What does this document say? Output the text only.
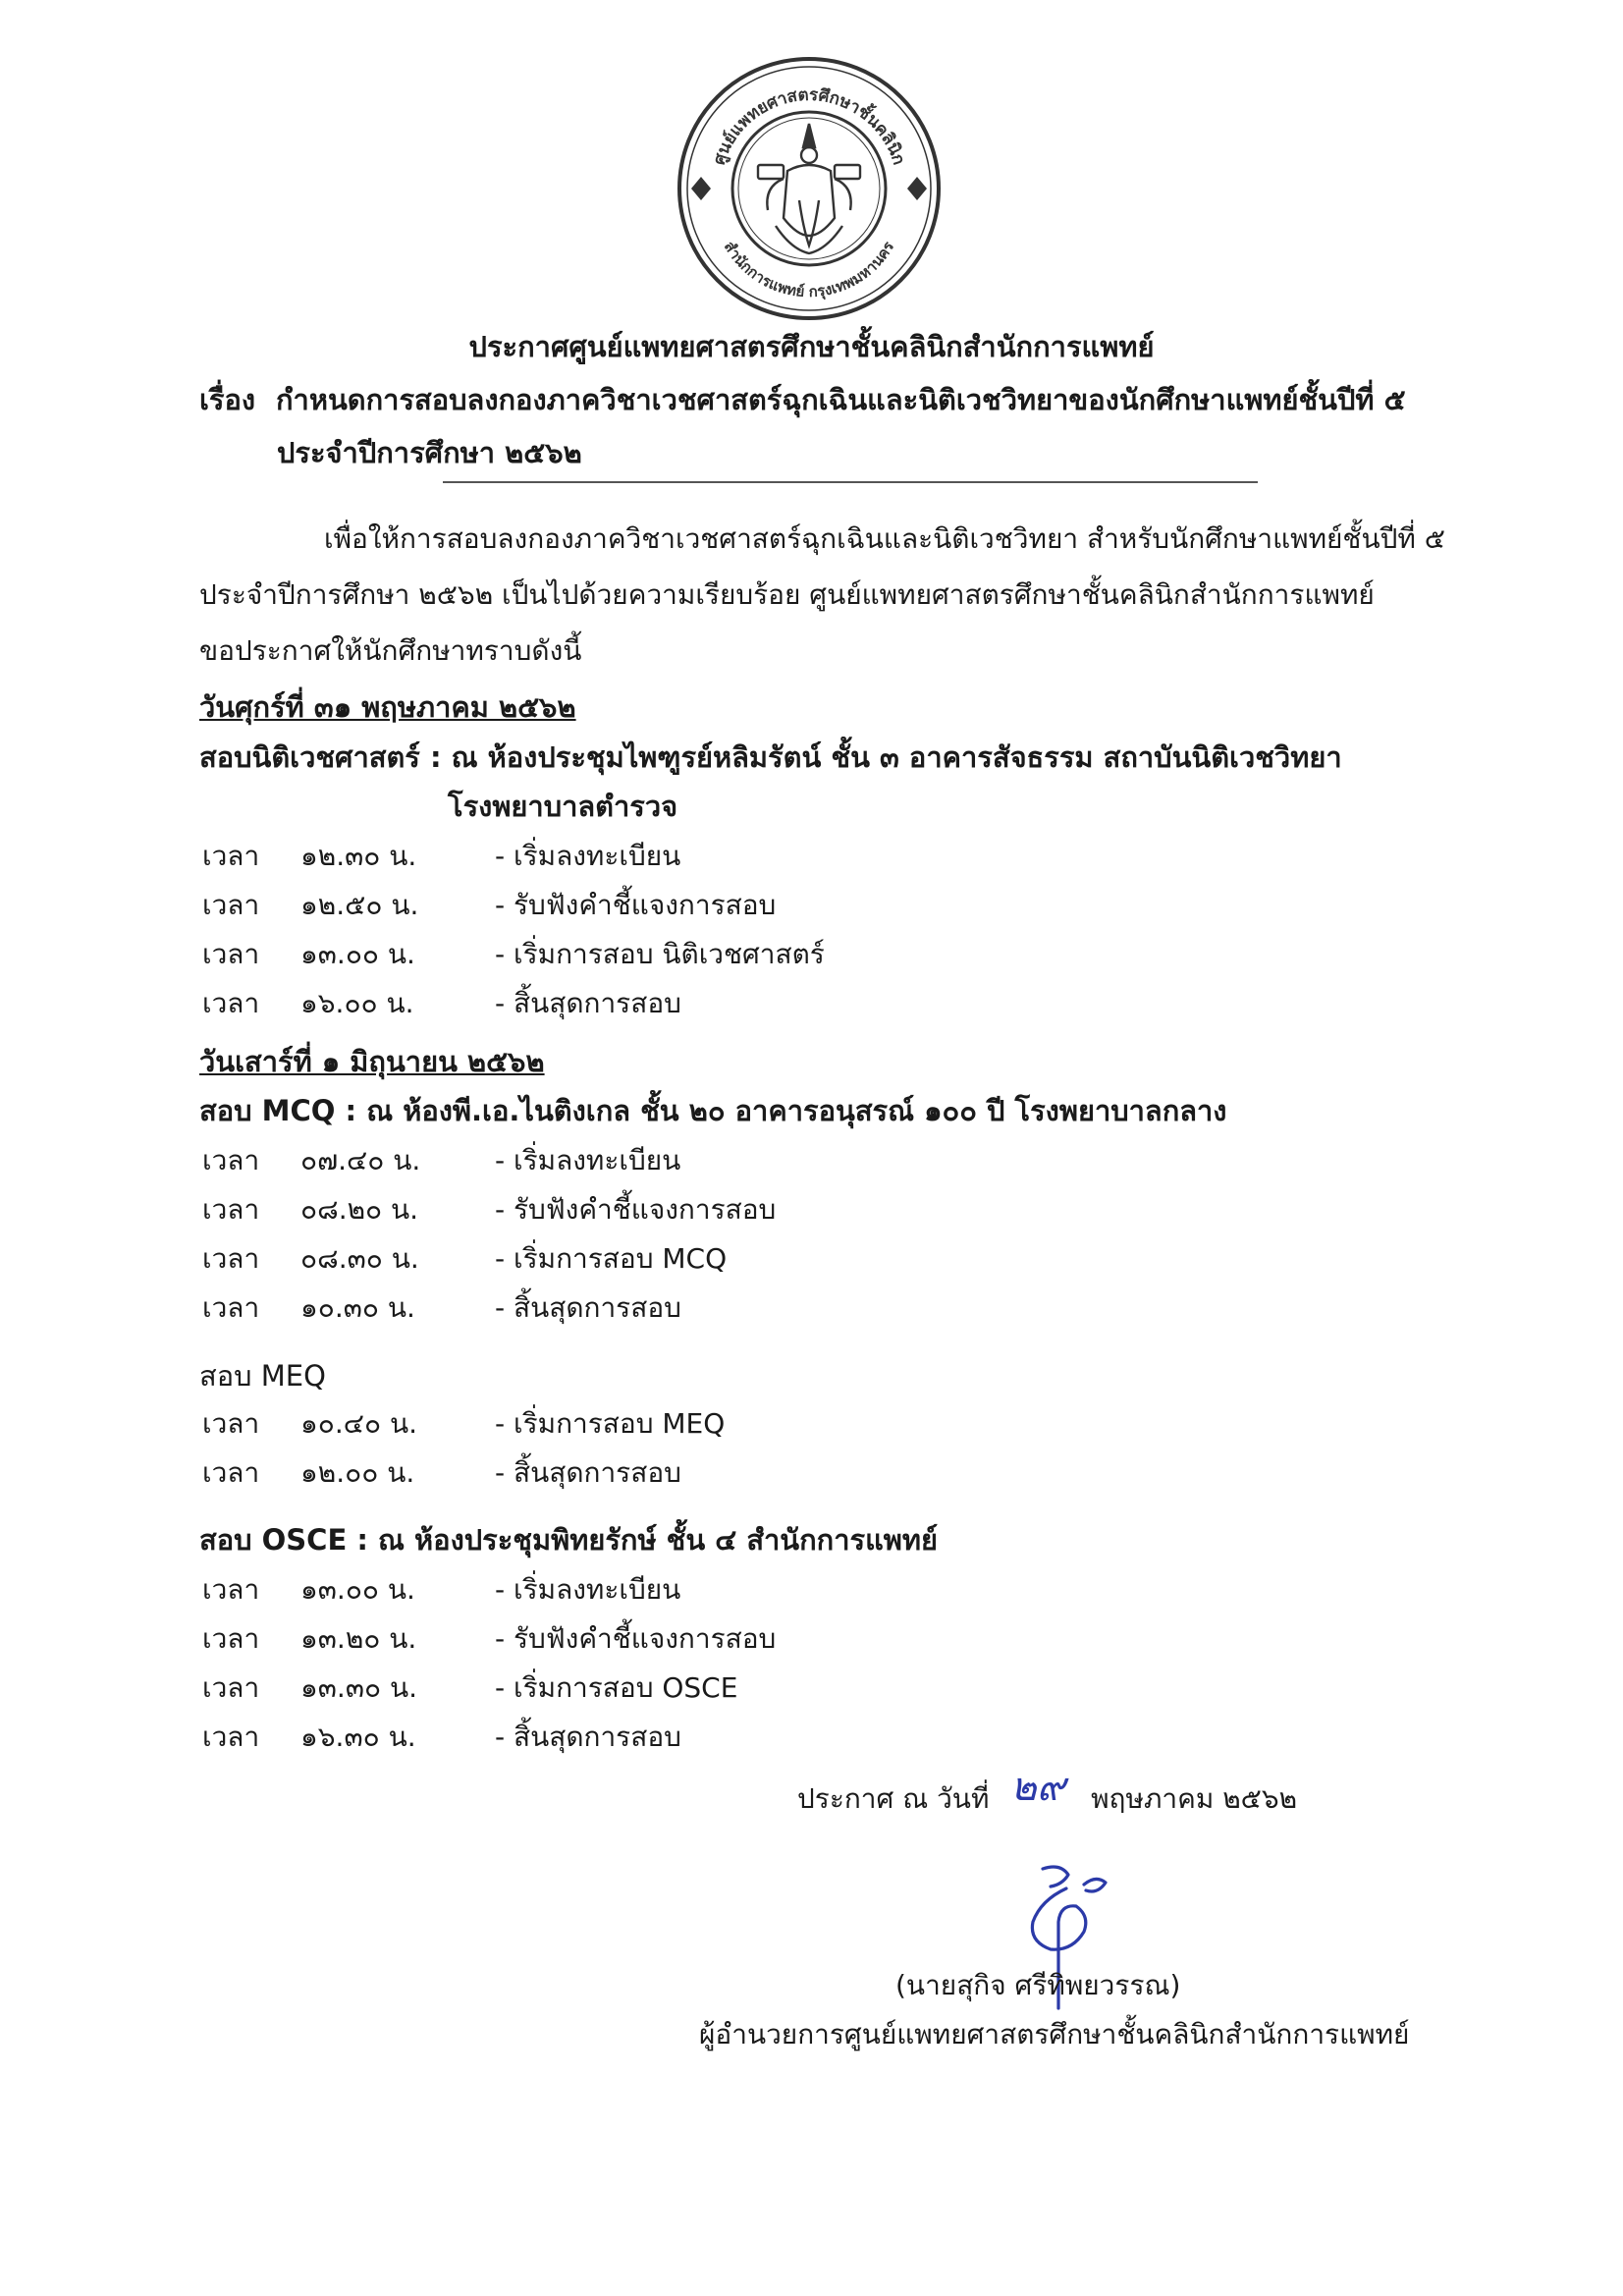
ศูนย์แพทยศาสตรศึกษาชั้นคลินิก
สำนักการแพทย์ กรุงเทพมหานคร
ประกาศศูนย์แพทยศาสตรศึกษาชั้นคลินิกสำนักการแพทย์
เรื่อง กำหนดการสอบลงกองภาควิชาเวชศาสตร์ฉุกเฉินและนิติเวชวิทยาของนักศึกษาแพทย์ชั้นปีที่ ๕
ประจำปีการศึกษา ๒๕๖๒
เพื่อให้การสอบลงกองภาควิชาเวชศาสตร์ฉุกเฉินและนิติเวชวิทยา สำหรับนักศึกษาแพทย์ชั้นปีที่ ๕
ประจำปีการศึกษา ๒๕๖๒ เป็นไปด้วยความเรียบร้อย ศูนย์แพทยศาสตรศึกษาชั้นคลินิกสำนักการแพทย์
ขอประกาศให้นักศึกษาทราบดังนี้
วันศุกร์ที่ ๓๑ พฤษภาคม ๒๕๖๒
สอบนิติเวชศาสตร์ : ณ ห้องประชุมไพฑูรย์หลิมรัตน์ ชั้น ๓ อาคารสัจธรรม สถาบันนิติเวชวิทยา
โรงพยาบาลตำรวจ
เวลา ๑๒.๓๐ น.	- เริ่มลงทะเบียน
เวลา ๑๒.๕๐ น.	- รับฟังคำชี้แจงการสอบ
เวลา ๑๓.๐๐ น.	- เริ่มการสอบ นิติเวชศาสตร์
เวลา ๑๖.๐๐ น.	- สิ้นสุดการสอบ
วันเสาร์ที่ ๑ มิถุนายน ๒๕๖๒
สอบ MCQ : ณ ห้องพี.เอ.ไนติงเกล ชั้น ๒๐ อาคารอนุสรณ์ ๑๐๐ ปี โรงพยาบาลกลาง
เวลา ๐๗.๔๐ น.	- เริ่มลงทะเบียน
เวลา ๐๘.๒๐ น.	- รับฟังคำชี้แจงการสอบ
เวลา ๐๘.๓๐ น.	- เริ่มการสอบ MCQ
เวลา ๑๐.๓๐ น.	- สิ้นสุดการสอบ
สอบ MEQ
เวลา ๑๐.๔๐ น.	- เริ่มการสอบ MEQ
เวลา ๑๒.๐๐ น.	- สิ้นสุดการสอบ
สอบ OSCE : ณ ห้องประชุมพิทยรักษ์ ชั้น ๔ สำนักการแพทย์
เวลา ๑๓.๐๐ น.	- เริ่มลงทะเบียน
เวลา ๑๓.๒๐ น.	- รับฟังคำชี้แจงการสอบ
เวลา ๑๓.๓๐ น.	- เริ่มการสอบ OSCE
เวลา ๑๖.๓๐ น.	- สิ้นสุดการสอบ
ประกาศ ณ วันที่ ๒๙ พฤษภาคม ๒๕๖๒
(นายสุกิจ ศรีทิพยวรรณ)
ผู้อำนวยการศูนย์แพทยศาสตรศึกษาชั้นคลินิกสำนักการแพทย์
